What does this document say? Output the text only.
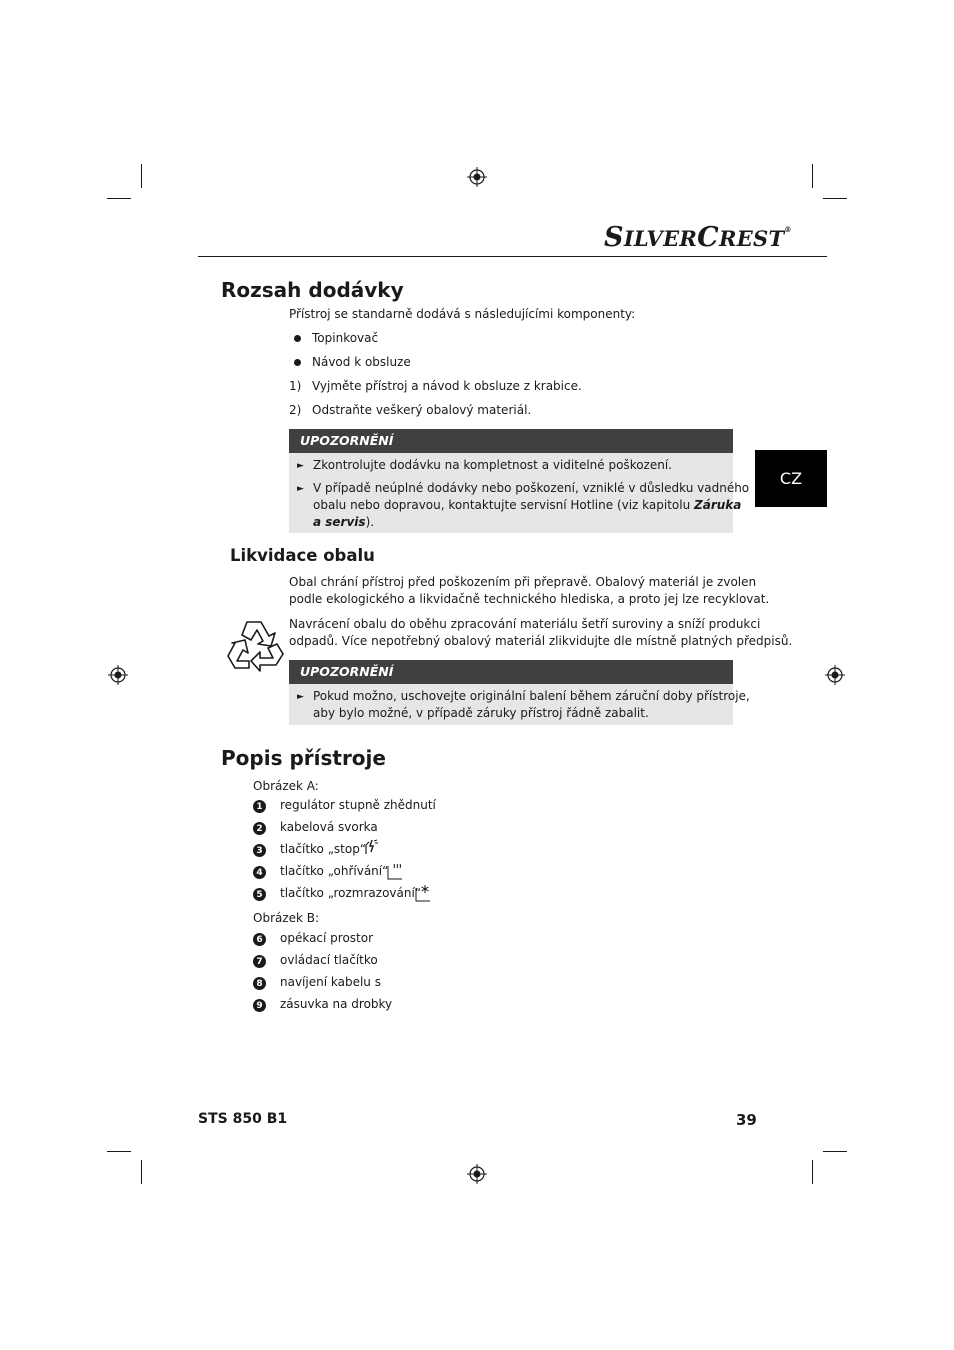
SILVERCREST®
CZ
Rozsah dodávky
Přístroj se standarně dodává s následujícími komponenty:
Topinkovač
Návod k obsluze
1) Vyjměte přístroj a návod k obsluze z krabice.
2) Odstraňte veškerý obalový materiál.
UPOZORNĚNÍ
► Zkontrolujte dodávku na kompletnost a viditelné poškození.
► V případě neúplné dodávky nebo poškození, vzniklé v důsledku vadného
obalu nebo dopravou, kontaktujte servisní Hotline (viz kapitolu Záruka
a servis).
Likvidace obalu
Obal chrání přístroj před poškozením při přepravě. Obalový materiál je zvolen
podle ekologického a likvidačně technického hlediska, a proto jej lze recyklovat.
Navrácení obalu do oběhu zpracování materiálu šetří suroviny a sníží produkci
odpadů. Více nepotřebný obalový materiál zlikvidujte dle místně platných předpisů.
UPOZORNĚNÍ
► Pokud možno, uschovejte originální balení během záruční doby přístroje,
aby bylo možné, v případě záruky přístroj řádně zabalit.
Popis přístroje
Obrázek A:
1 regulátor stupně zhědnutí
2 kabelová svorka
3 tlačítko „stop“
4 tlačítko „ohřívání“
5 tlačítko „rozmrazování“
Obrázek B:
6 opékací prostor
7 ovládací tlačítko
8 navíjení kabelu s
9 zásuvka na drobky
STS 850 B1	39
